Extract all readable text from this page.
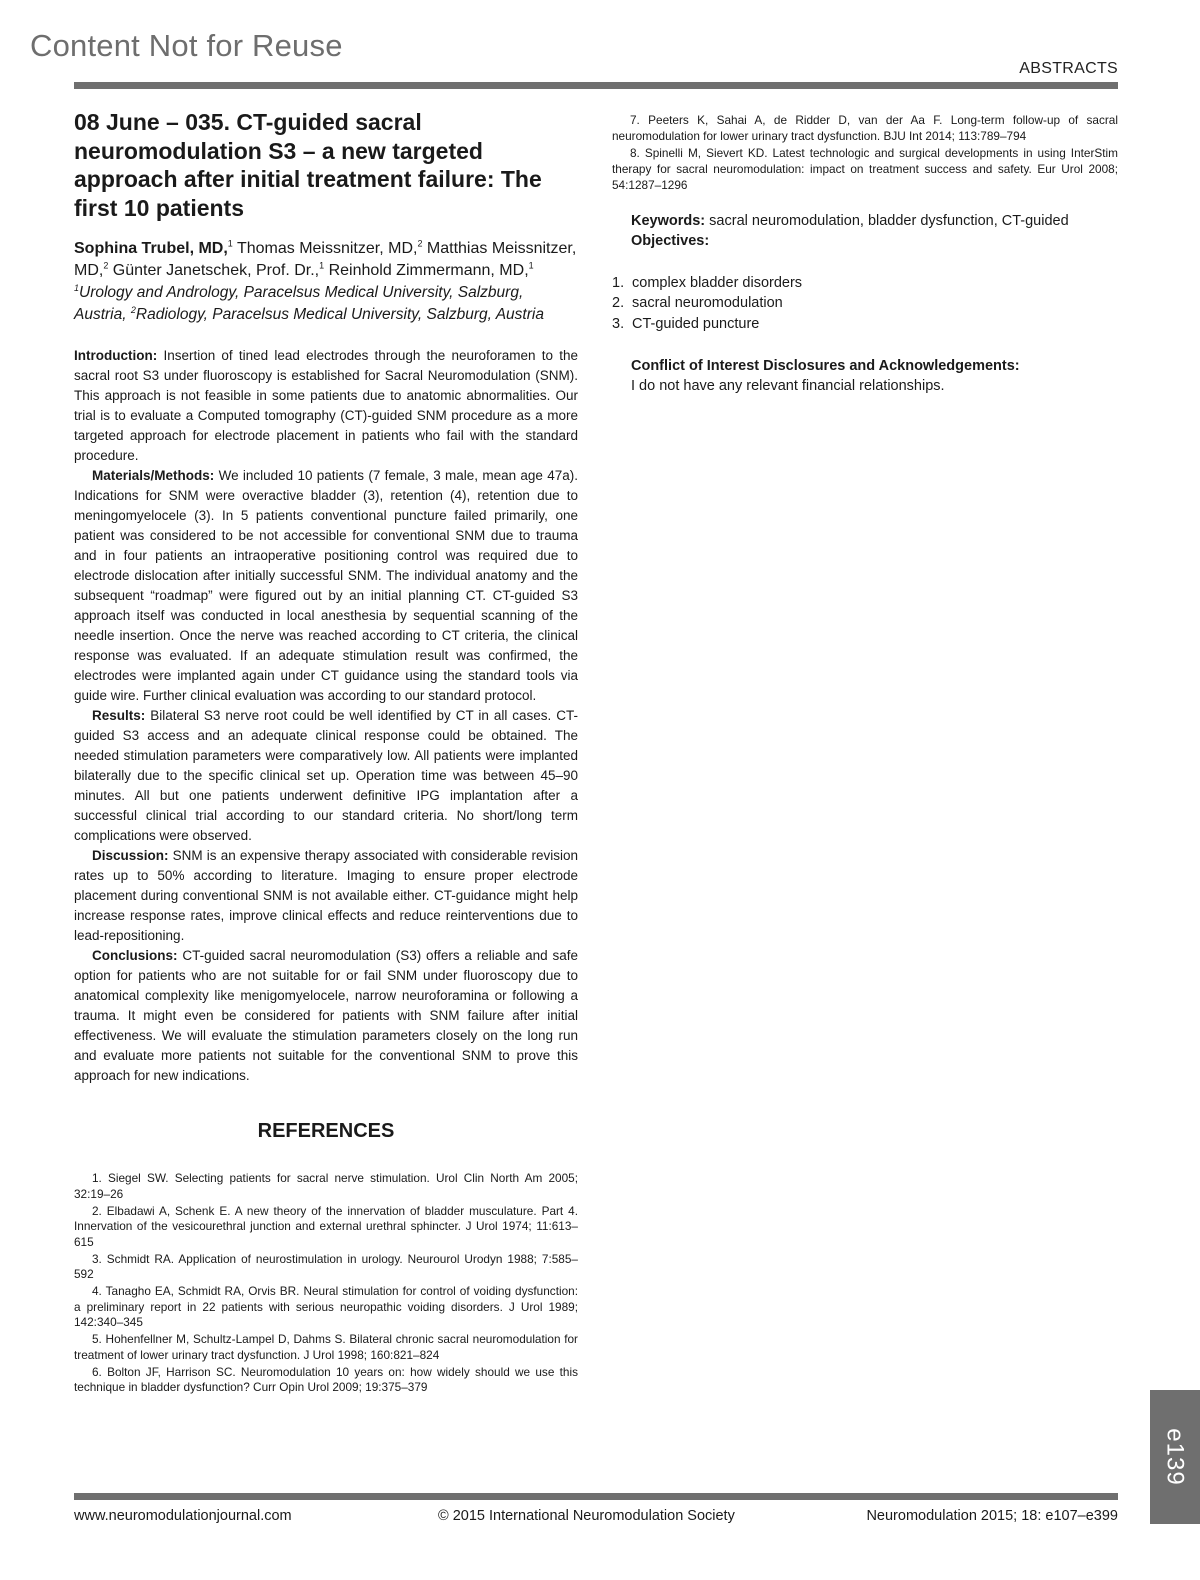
Content Not for Reuse
ABSTRACTS
08 June – 035. CT-guided sacral neuromodulation S3 – a new targeted approach after initial treatment failure: The first 10 patients
Sophina Trubel, MD,$^1$ Thomas Meissnitzer, MD,$^2$ Matthias Meissnitzer, MD,$^2$ Günter Janetschek, Prof. Dr.,$^1$ Reinhold Zimmermann, MD,$^1$
$^1$Urology and Andrology, Paracelsus Medical University, Salzburg, Austria, $^2$Radiology, Paracelsus Medical University, Salzburg, Austria

Introduction: Insertion of tined lead electrodes through the neuroforamen to the sacral root S3 under fluoroscopy is established for Sacral Neuromodulation (SNM). This approach is not feasible in some patients due to anatomic abnormalities. Our trial is to evaluate a Computed tomography (CT)-guided SNM procedure as a more targeted approach for electrode placement in patients who fail with the standard procedure.

Materials/Methods: We included 10 patients (7 female, 3 male, mean age 47a). Indications for SNM were overactive bladder (3), retention (4), retention due to meningomyelocele (3). In 5 patients conventional puncture failed primarily, one patient was considered to be not accessible for conventional SNM due to trauma and in four patients an intraoperative positioning control was required due to electrode dislocation after initially successful SNM. The individual anatomy and the subsequent “roadmap” were figured out by an initial planning CT. CT-guided S3 approach itself was conducted in local anesthesia by sequential scanning of the needle insertion. Once the nerve was reached according to CT criteria, the clinical response was evaluated. If an adequate stimulation result was confirmed, the electrodes were implanted again under CT guidance using the standard tools via guide wire. Further clinical evaluation was according to our standard protocol.

Results: Bilateral S3 nerve root could be well identified by CT in all cases. CT-guided S3 access and an adequate clinical response could be obtained. The needed stimulation parameters were comparatively low. All patients were implanted bilaterally due to the specific clinical set up. Operation time was between 45–90 minutes. All but one patients underwent definitive IPG implantation after a successful clinical trial according to our standard criteria. No short/long term complications were observed.

Discussion: SNM is an expensive therapy associated with considerable revision rates up to 50% according to literature. Imaging to ensure proper electrode placement during conventional SNM is not available either. CT-guidance might help increase response rates, improve clinical effects and reduce reinterventions due to lead-repositioning.

Conclusions: CT-guided sacral neuromodulation (S3) offers a reliable and safe option for patients who are not suitable for or fail SNM under fluoroscopy due to anatomical complexity like menigomyelocele, narrow neuroforamina or following a trauma. It might even be considered for patients with SNM failure after initial effectiveness. We will evaluate the stimulation parameters closely on the long run and evaluate more patients not suitable for the conventional SNM to prove this approach for new indications.

REFERENCES

1. Siegel SW. Selecting patients for sacral nerve stimulation. Urol Clin North Am 2005; 32:19–26

2. Elbadawi A, Schenk E. A new theory of the innervation of bladder musculature. Part 4. Innervation of the vesicourethral junction and external urethral sphincter. J Urol 1974; 11:613–615

3. Schmidt RA. Application of neurostimulation in urology. Neurourol Urodyn 1988; 7:585–592

4. Tanagho EA, Schmidt RA, Orvis BR. Neural stimulation for control of voiding dysfunction: a preliminary report in 22 patients with serious neuropathic voiding disorders. J Urol 1989; 142:340–345

5. Hohenfellner M, Schultz-Lampel D, Dahms S. Bilateral chronic sacral neuromodulation for treatment of lower urinary tract dysfunction. J Urol 1998; 160:821–824

6. Bolton JF, Harrison SC. Neuromodulation 10 years on: how widely should we use this technique in bladder dysfunction? Curr Opin Urol 2009; 19:375–379

7. Peeters K, Sahai A, de Ridder D, van der Aa F. Long-term follow-up of sacral neuromodulation for lower urinary tract dysfunction. BJU Int 2014; 113:789–794

8. Spinelli M, Sievert KD. Latest technologic and surgical developments in using InterStim therapy for sacral neuromodulation: impact on treatment success and safety. Eur Urol 2008; 54:1287–1296

Keywords: sacral neuromodulation, bladder dysfunction, CT-guided
Objectives:
1. complex bladder disorders
2. sacral neuromodulation
3. CT-guided puncture
Conflict of Interest Disclosures and Acknowledgements:
I do not have any relevant financial relationships.
www.neuromodulationjournal.com	© 2015 International Neuromodulation Society	Neuromodulation 2015; 18: e107–e399
e139
